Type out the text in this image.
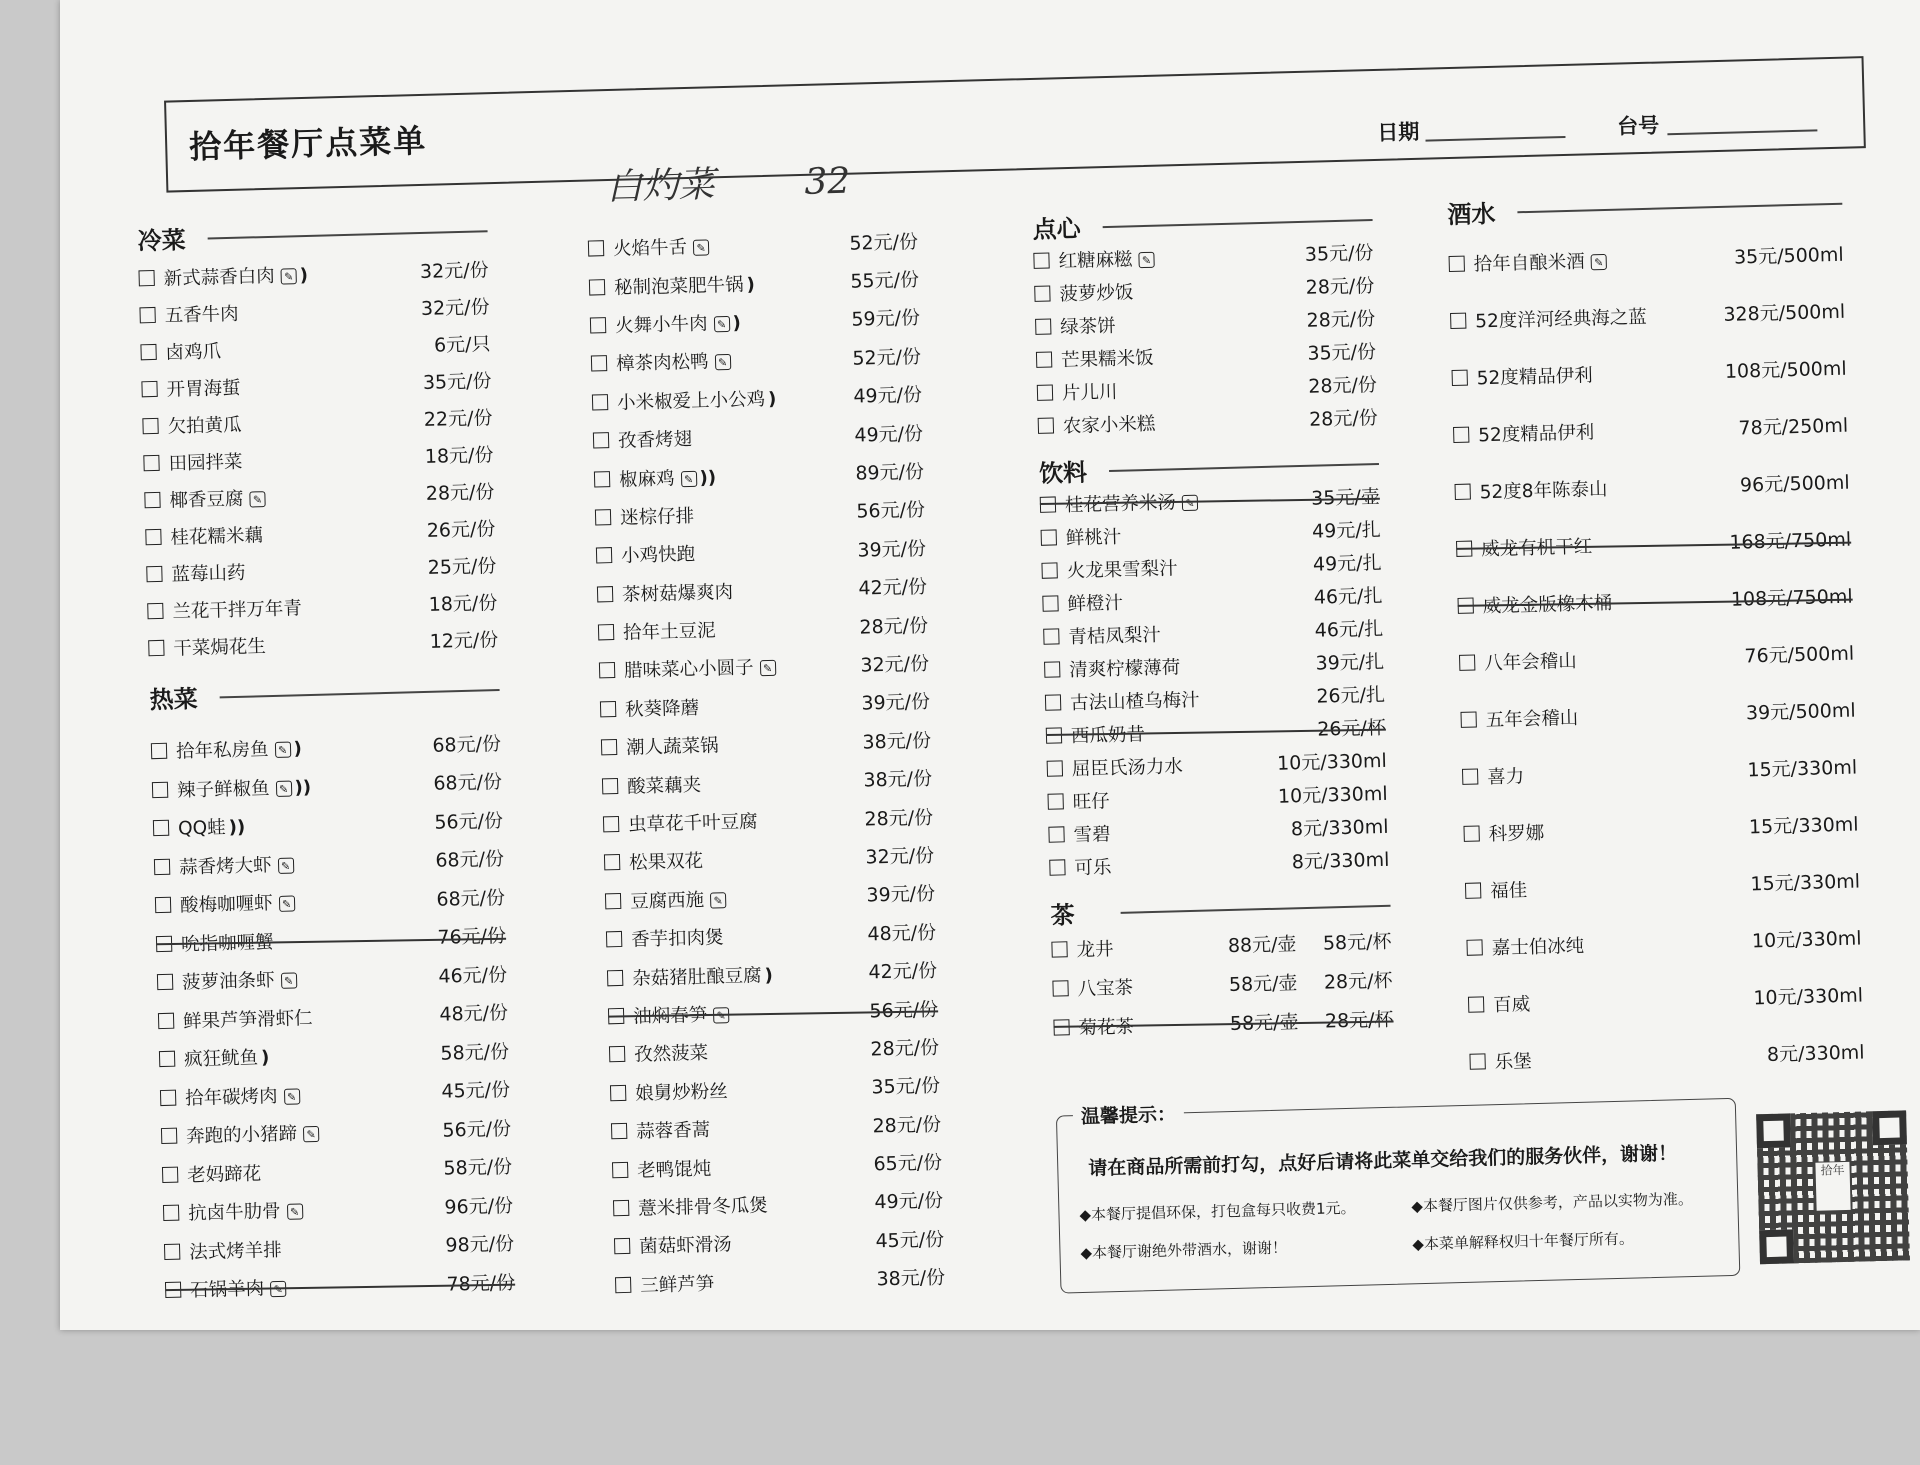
拾年餐厅点菜单	日期	台号
白灼菜 32
冷菜
新式蒜香白肉 ✎ )	32元/份
五香牛肉	32元/份
卤鸡爪	6元/只
开胃海蜇	35元/份
欠拍黄瓜	22元/份
田园拌菜	18元/份
椰香豆腐 ✎	28元/份
桂花糯米藕	26元/份
蓝莓山药	25元/份
兰花干拌万年青	18元/份
干菜焗花生	12元/份
热菜
拾年私房鱼 ✎ )	68元/份
辣子鲜椒鱼 ✎ ))	68元/份
QQ蛙 ))	56元/份
蒜香烤大虾 ✎	68元/份
酸梅咖喱虾 ✎	68元/份
吮指咖喱蟹	76元/份
菠萝油条虾 ✎	46元/份
鲜果芦笋滑虾仁	48元/份
疯狂鱿鱼 )	58元/份
拾年碳烤肉 ✎	45元/份
奔跑的小猪蹄 ✎	56元/份
老妈蹄花	58元/份
抗卤牛肋骨 ✎	96元/份
法式烤羊排	98元/份
石锅羊肉 ✎	78元/份
火焰牛舌 ✎	52元/份
秘制泡菜肥牛锅 )	55元/份
火舞小牛肉 ✎ )	59元/份
樟茶肉松鸭 ✎	52元/份
小米椒爱上小公鸡 )	49元/份
孜香烤翅	49元/份
椒麻鸡 ✎ ))	89元/份
迷棕仔排	56元/份
小鸡快跑	39元/份
茶树菇爆爽肉	42元/份
拾年土豆泥	28元/份
腊味菜心小圆子 ✎	32元/份
秋葵降蘑	39元/份
潮人蔬菜锅	38元/份
酸菜藕夹	38元/份
虫草花千叶豆腐	28元/份
松果双花	32元/份
豆腐西施 ✎	39元/份
香芋扣肉煲	48元/份
杂菇猪肚酿豆腐 )	42元/份
油焖春笋 ✎	56元/份
孜然菠菜	28元/份
娘舅炒粉丝	35元/份
蒜蓉香蒿	28元/份
老鸭馄炖	65元/份
薏米排骨冬瓜煲	49元/份
菌菇虾滑汤	45元/份
三鲜芦笋	38元/份
点心
红糖麻糍 ✎	35元/份
菠萝炒饭	28元/份
绿茶饼	28元/份
芒果糯米饭	35元/份
片儿川	28元/份
农家小米糕	28元/份
饮料
桂花营养米汤 ✎	35元/壶
鲜桃汁	49元/扎
火龙果雪梨汁	49元/扎
鲜橙汁	46元/扎
青桔凤梨汁	46元/扎
清爽柠檬薄荷	39元/扎
古法山楂乌梅汁	26元/扎
西瓜奶昔	26元/杯
屈臣氏汤力水	10元/330ml
旺仔	10元/330ml
雪碧	8元/330ml
可乐	8元/330ml
茶
龙井	88元/壶	58元/杯
八宝茶	58元/壶	28元/杯
菊花茶	58元/壶	28元/杯
酒水
拾年自酿米酒 ✎	35元/500ml
52度洋河经典海之蓝	328元/500ml
52度精品伊利	108元/500ml
52度精品伊利	78元/250ml
52度8年陈泰山	96元/500ml
威龙有机干红	168元/750ml
威龙金版橡木桶	108元/750ml
八年会稽山	76元/500ml
五年会稽山	39元/500ml
喜力	15元/330ml
科罗娜	15元/330ml
福佳	15元/330ml
嘉士伯冰纯	10元/330ml
百威	10元/330ml
乐堡	8元/330ml
温馨提示：
请在商品所需前打勾，点好后请将此菜单交给我们的服务伙伴，谢谢！
◆本餐厅提倡环保，打包盒每只收费1元。	◆本餐厅图片仅供参考，产品以实物为准。
◆本餐厅谢绝外带酒水，谢谢！	◆本菜单解释权归十年餐厅所有。
拾年
